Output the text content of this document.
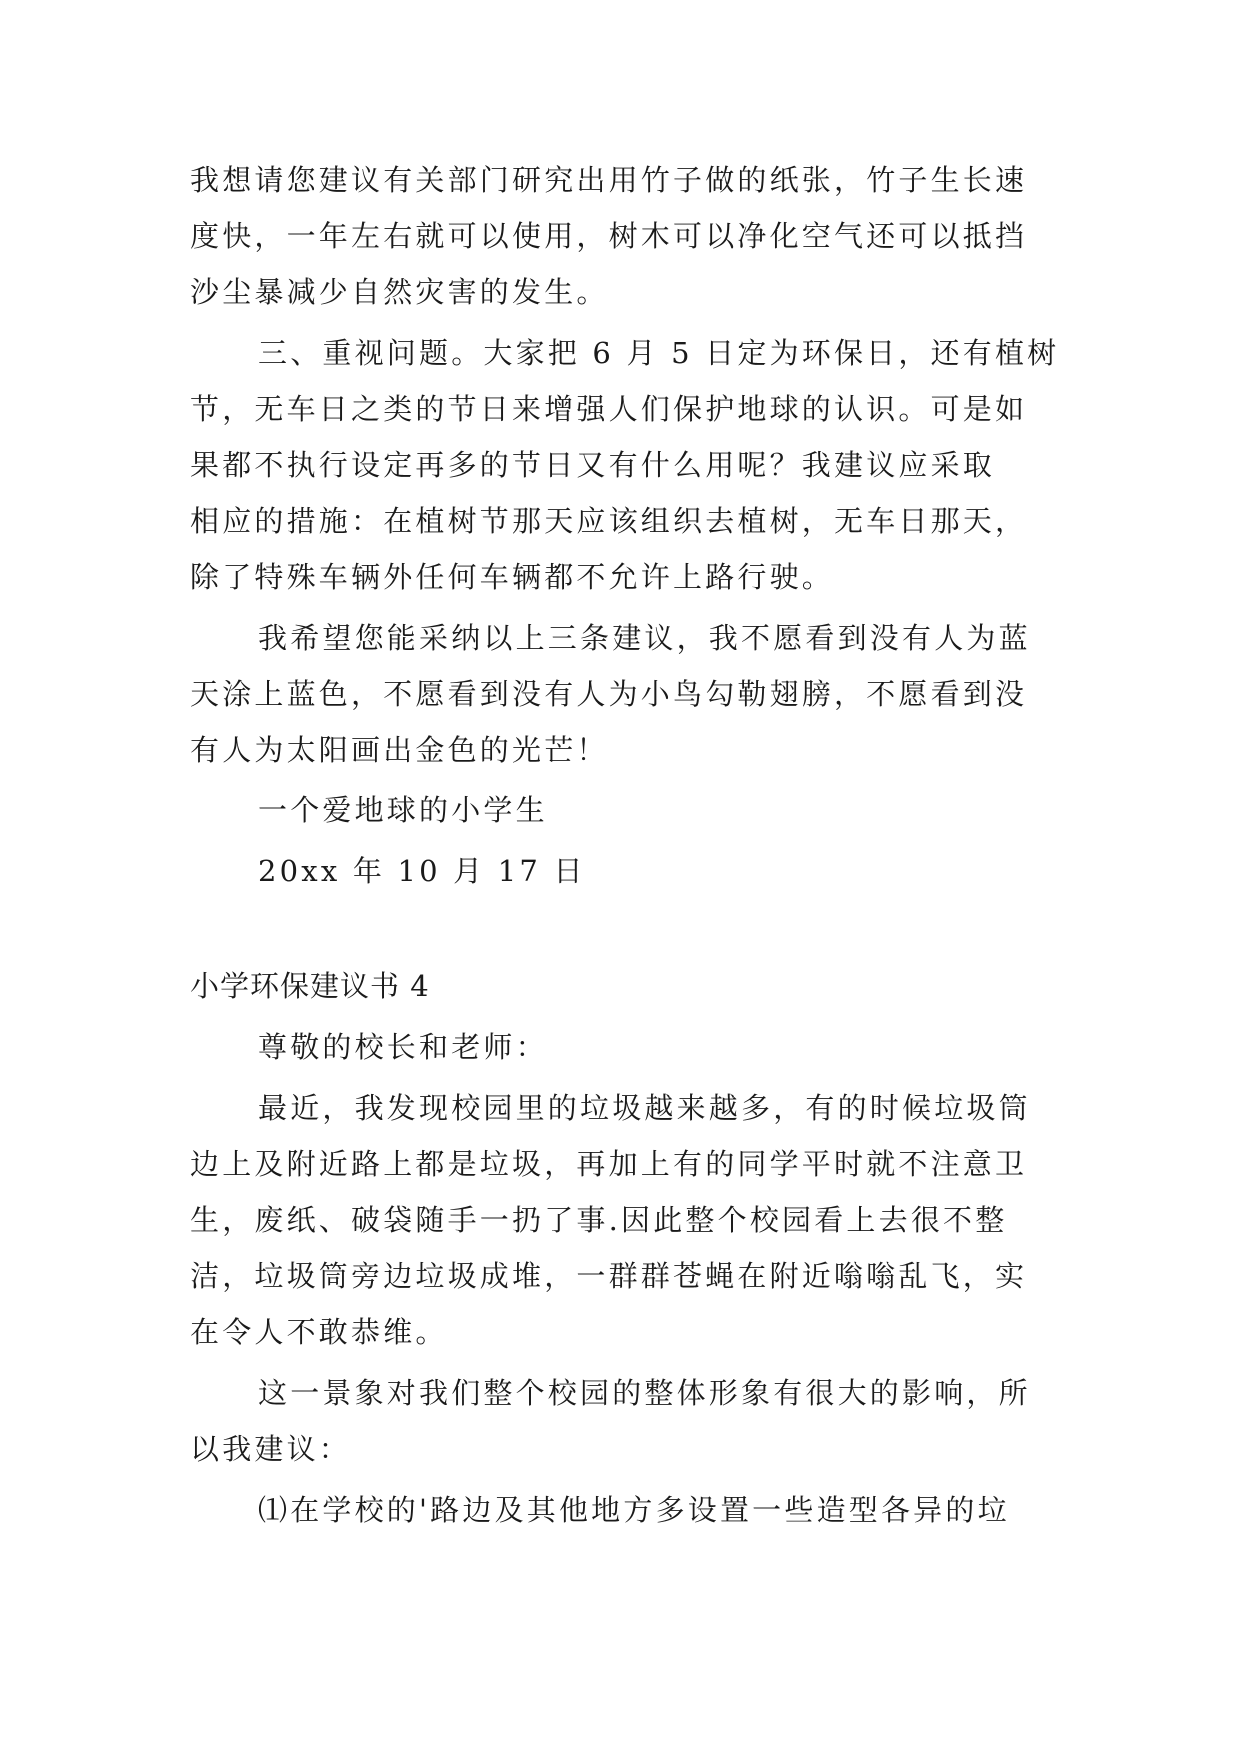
我想请您建议有关部门研究出用竹子做的纸张，竹子生长速
度快，一年左右就可以使用，树木可以净化空气还可以抵挡
沙尘暴减少自然灾害的发生。
三、重视问题。大家把 6 月 5 日定为环保日，还有植树
节，无车日之类的节日来增强人们保护地球的认识。可是如
果都不执行设定再多的节日又有什么用呢？我建议应采取
相应的措施：在植树节那天应该组织去植树，无车日那天，
除了特殊车辆外任何车辆都不允许上路行驶。
我希望您能采纳以上三条建议，我不愿看到没有人为蓝
天涂上蓝色，不愿看到没有人为小鸟勾勒翅膀，不愿看到没
有人为太阳画出金色的光芒！
一个爱地球的小学生
20xx 年 10 月 17 日
小学环保建议书 4
尊敬的校长和老师：
最近，我发现校园里的垃圾越来越多，有的时候垃圾筒
边上及附近路上都是垃圾，再加上有的同学平时就不注意卫
生，废纸、破袋随手一扔了事.因此整个校园看上去很不整
洁，垃圾筒旁边垃圾成堆，一群群苍蝇在附近嗡嗡乱飞，实
在令人不敢恭维。
这一景象对我们整个校园的整体形象有很大的影响，所
以我建议：
⑴在学校的'路边及其他地方多设置一些造型各异的垃
